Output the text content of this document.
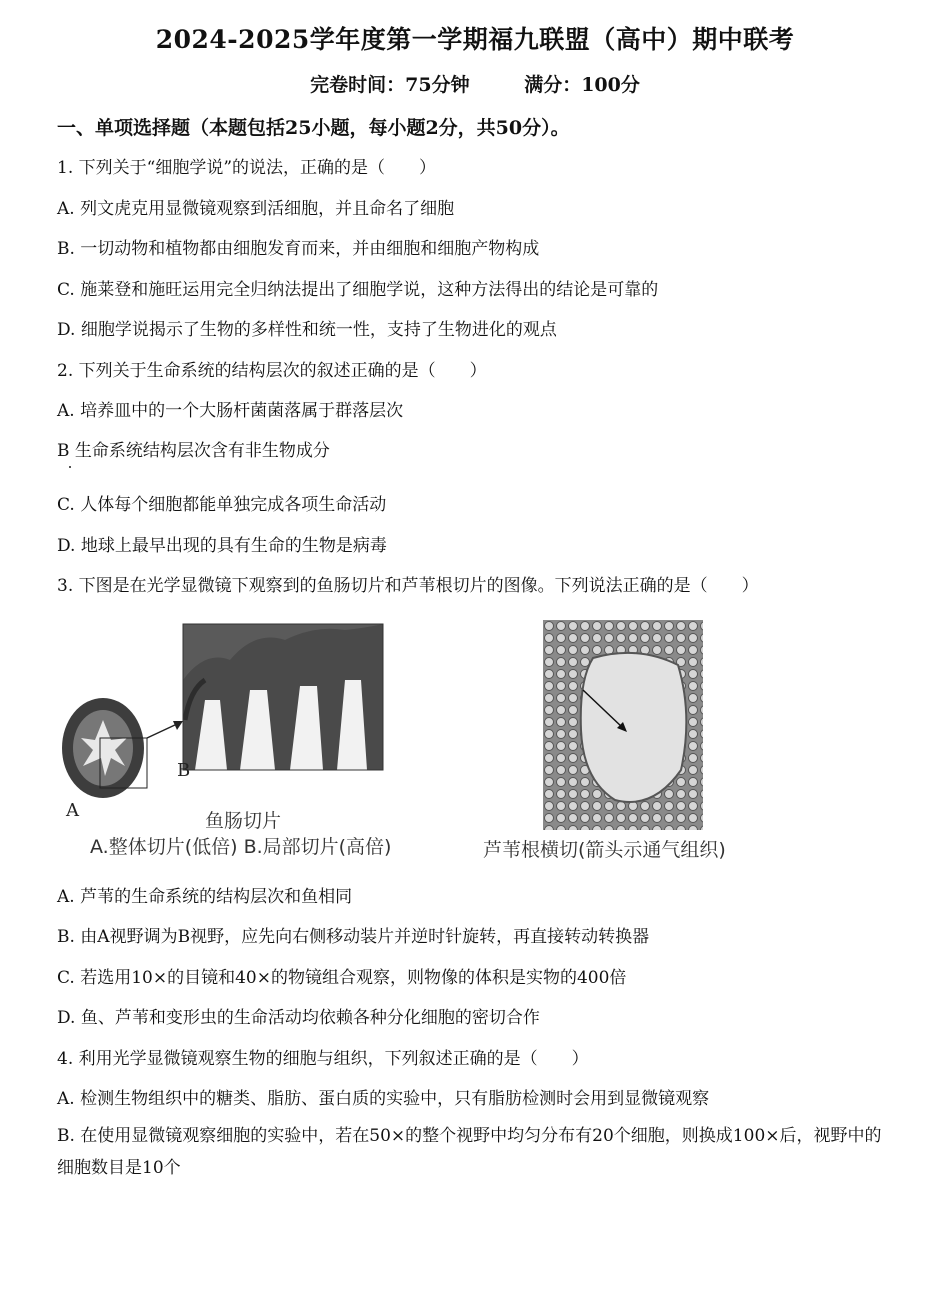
2024-2025学年度第一学期福九联盟（高中）期中联考
完卷时间：75分钟	满分：100分
一、单项选择题（本题包括25小题，每小题2分，共50分）。
1. 下列关于“细胞学说”的说法，正确的是（　　）
A. 列文虎克用显微镜观察到活细胞，并且命名了细胞
B. 一切动物和植物都由细胞发育而来，并由细胞和细胞产物构成
C. 施莱登和施旺运用完全归纳法提出了细胞学说，这种方法得出的结论是可靠的
D. 细胞学说揭示了生物的多样性和统一性，支持了生物进化的观点
2. 下列关于生命系统的结构层次的叙述正确的是（　　）
A. 培养皿中的一个大肠杆菌菌落属于群落层次
B 生命系统结构层次含有非生物成分
C. 人体每个细胞都能单独完成各项生命活动
D. 地球上最早出现的具有生命的生物是病毒
3. 下图是在光学显微镜下观察到的鱼肠切片和芦苇根切片的图像。下列说法正确的是（　　）
A
B
鱼肠切片
A.整体切片(低倍) B.局部切片(高倍)	芦苇根横切(箭头示通气组织)
A. 芦苇的生命系统的结构层次和鱼相同
B. 由A视野调为B视野，应先向右侧移动装片并逆时针旋转，再直接转动转换器
C. 若选用10×的目镜和40×的物镜组合观察，则物像的体积是实物的400倍
D. 鱼、芦苇和变形虫的生命活动均依赖各种分化细胞的密切合作
4. 利用光学显微镜观察生物的细胞与组织，下列叙述正确的是（　　）
A. 检测生物组织中的糖类、脂肪、蛋白质的实验中，只有脂肪检测时会用到显微镜观察
B. 在使用显微镜观察细胞的实验中，若在50×的整个视野中均匀分布有20个细胞，则换成100×后，视野中的细胞数目是10个
